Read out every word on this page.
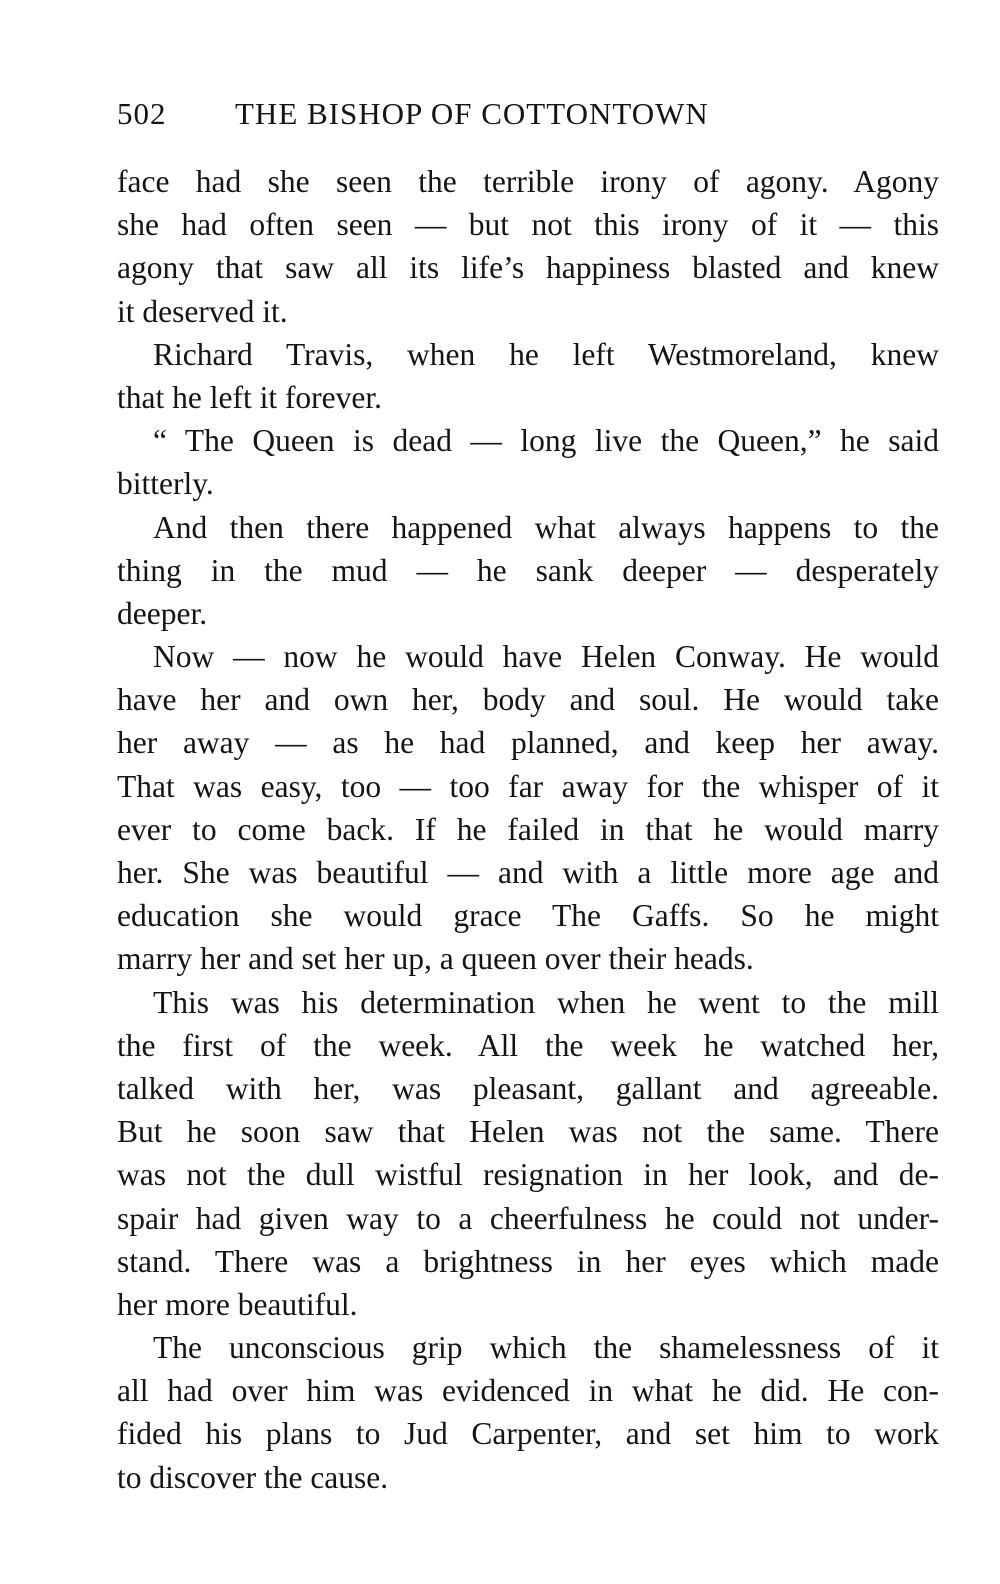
502 THE BISHOP OF COTTONTOWN
face had she seen the terrible irony of agony. Agony
she had often seen — but not this irony of it — this
agony that saw all its life’s happiness blasted and knew
it deserved it.
Richard Travis, when he left Westmoreland, knew
that he left it forever.
“ The Queen is dead — long live the Queen,” he said
bitterly.
And then there happened what always happens to the
thing in the mud — he sank deeper — desperately
deeper.
Now — now he would have Helen Conway. He would
have her and own her, body and soul. He would take
her away — as he had planned, and keep her away.
That was easy, too — too far away for the whisper of it
ever to come back. If he failed in that he would marry
her. She was beautiful — and with a little more age and
education she would grace The Gaffs. So he might
marry her and set her up, a queen over their heads.
This was his determination when he went to the mill
the first of the week. All the week he watched her,
talked with her, was pleasant, gallant and agreeable.
But he soon saw that Helen was not the same. There
was not the dull wistful resignation in her look, and de-
spair had given way to a cheerfulness he could not under-
stand. There was a brightness in her eyes which made
her more beautiful.
The unconscious grip which the shamelessness of it
all had over him was evidenced in what he did. He con-
fided his plans to Jud Carpenter, and set him to work
to discover the cause.
